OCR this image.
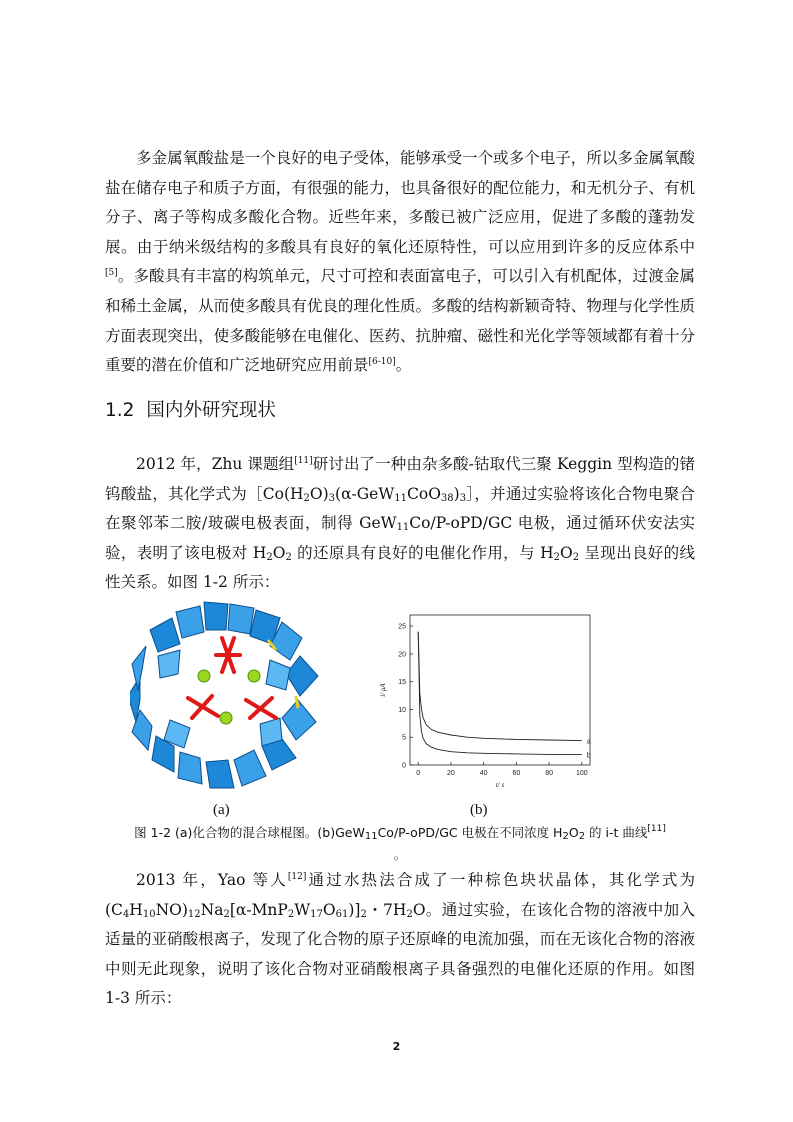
多金属氧酸盐是一个良好的电子受体，能够承受一个或多个电子，所以多金属氧酸盐在储存电子和质子方面，有很强的能力，也具备很好的配位能力，和无机分子、有机分子、离子等构成多酸化合物。近些年来，多酸已被广泛应用，促进了多酸的蓬勃发展。由于纳米级结构的多酸具有良好的氧化还原特性，可以应用到许多的反应体系中[5]。多酸具有丰富的构筑单元，尺寸可控和表面富电子，可以引入有机配体，过渡金属和稀土金属，从而使多酸具有优良的理化性质。多酸的结构新颖奇特、物理与化学性质方面表现突出，使多酸能够在电催化、医药、抗肿瘤、磁性和光化学等领域都有着十分重要的潜在价值和广泛地研究应用前景[6-10]。

1.2 国内外研究现状

2012 年，Zhu 课题组[11]研讨出了一种由杂多酸-钴取代三聚 Keggin 型构造的锗钨酸盐，其化学式为$[Co(H_2O)_3(\alpha-GeW_{11}CoO_{38})_3]$，并通过实验将该化合物电聚合在聚邻苯二胺/玻碳电极表面，制得 GeW$_{11}$Co/P-oPD/GC 电极，通过循环伏安法实验，表明了该电极对 $H_2O_2$ 的还原具有良好的电催化作用，与 $H_2O_2$ 呈现出良好的线性关系。如图 1-2 所示：

0	20	40	60	80	100
0
5
10
15
20
25
t/ s
i/ μA
a
b
(a)	(b)

图 1-2 (a)化合物的混合球棍图。(b)GeW$_{11}$Co/P-oPD/GC 电极在不同浓度 $H_2O_2$ 的 i-t 曲线[11]
。

2013 年，Yao 等人[12]通过水热法合成了一种棕色块状晶体，其化学式为$(C_4H_{10}NO)_{12}Na_2[\alpha-MnP_2W_{17}O_{61})]_2$・$7H_2O$。通过实验，在该化合物的溶液中加入适量的亚硝酸根离子，发现了化合物的原子还原峰的电流加强，而在无该化合物的溶液中则无此现象，说明了该化合物对亚硝酸根离子具备强烈的电催化还原的作用。如图 1-3 所示：

2
